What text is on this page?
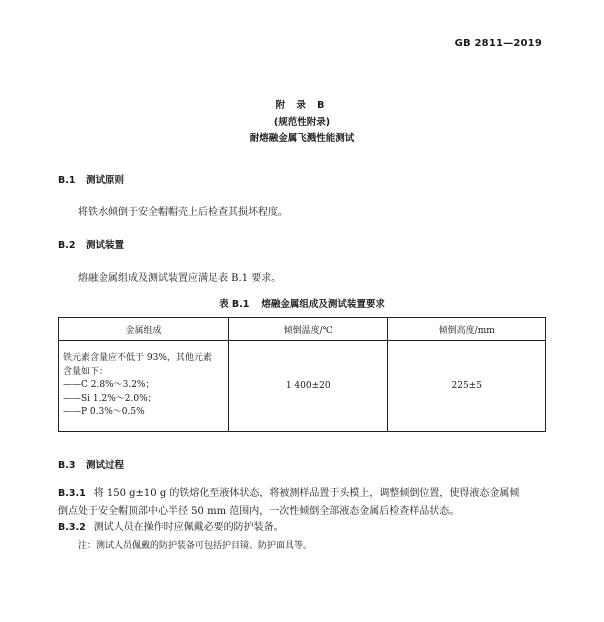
GB 2811—2019
附 录 B
(规范性附录)
耐熔融金属飞溅性能测试
B.1 测试原则
将铁水倾倒于安全帽帽壳上后检查其损坏程度。
B.2 测试装置
熔融金属组成及测试装置应满足表 B.1 要求。
表 B.1 熔融金属组成及测试装置要求
金属组成	倾倒温度/℃	倾倒高度/mm

铁元素含量应不低于 93%，其他元素
含量如下：
——C 2.8%～3.2%；
——Si 1.2%～2.0%；
——P 0.3%～0.5%	1 400±20	225±5
B.3 测试过程
B.3.1 将 150 g±10 g 的铁熔化至液体状态，将被测样品置于头模上，调整倾倒位置，使得液态金属倾
倒点处于安全帽顶部中心半径 50 mm 范围内，一次性倾倒全部液态金属后检查样品状态。
B.3.2 测试人员在操作时应佩戴必要的防护装备。
注：测试人员佩戴的防护装备可包括护目镜、防护面具等。
